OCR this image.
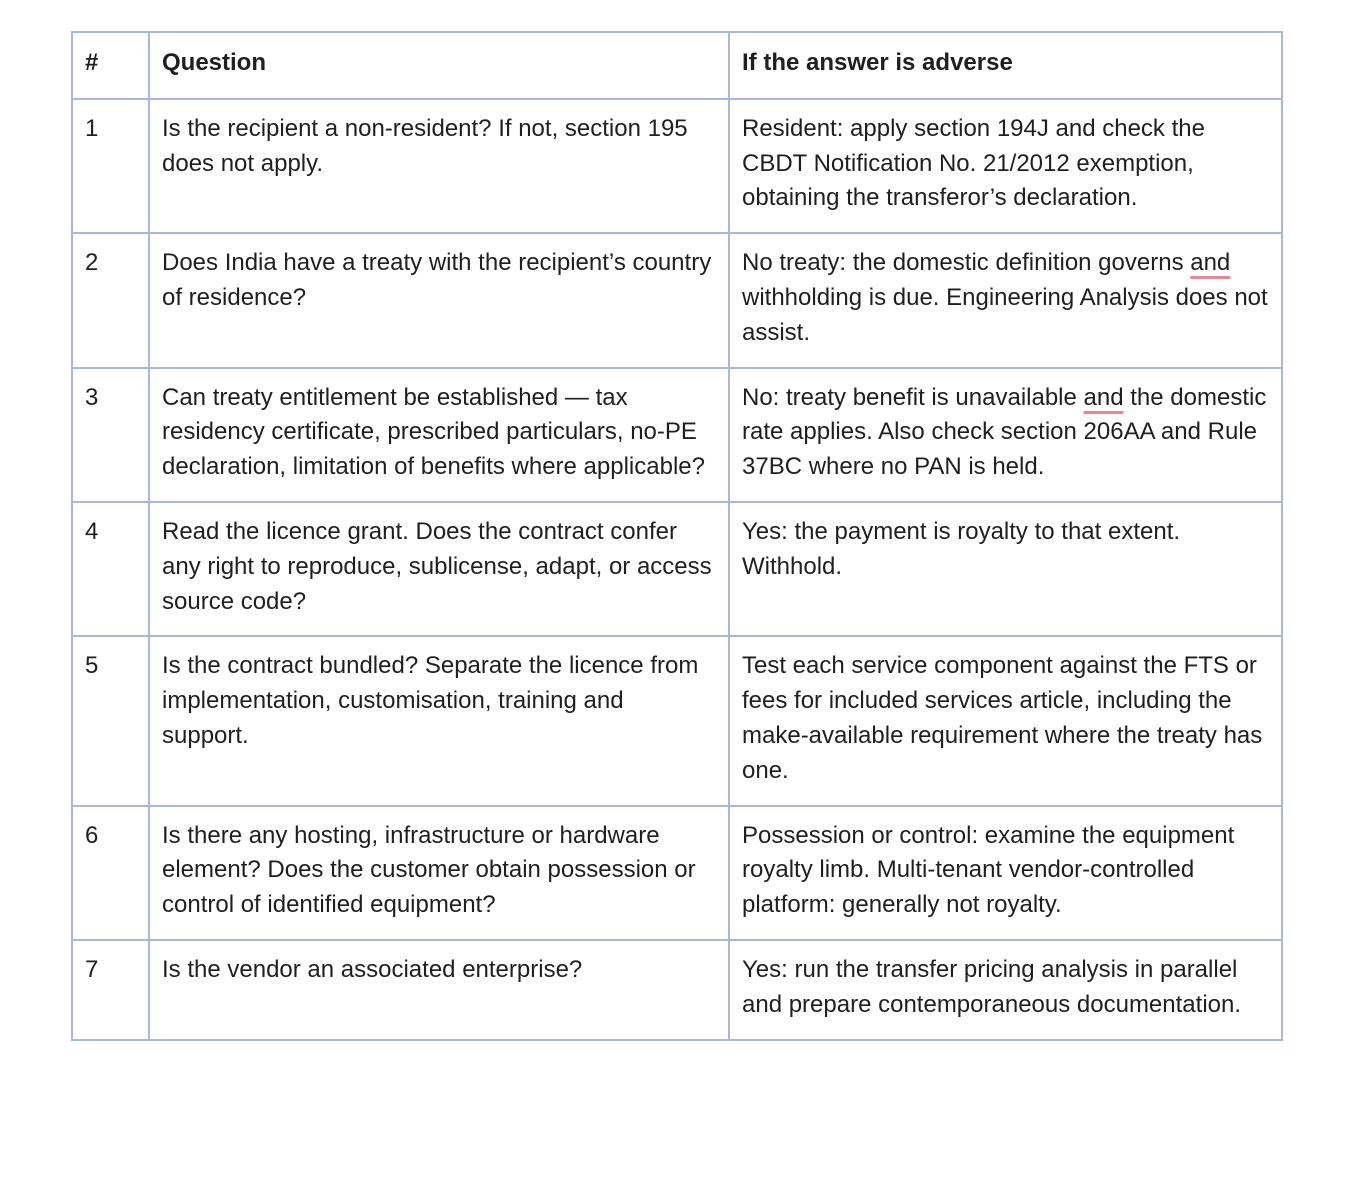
#	Question	If the answer is adverse
1	Is the recipient a non-resident? If not, section 195 does not apply.	Resident: apply section 194J and check the CBDT Notification No. 21/2012 exemption, obtaining the transferor’s declaration.
2	Does India have a treaty with the recipient’s country of residence?	No treaty: the domestic definition governs and withholding is due. Engineering Analysis does not assist.
3	Can treaty entitlement be established — tax residency certificate, prescribed particulars, no-PE declaration, limitation of benefits where applicable?	No: treaty benefit is unavailable and the domestic rate applies. Also check section 206AA and Rule 37BC where no PAN is held.
4	Read the licence grant. Does the contract confer any right to reproduce, sublicense, adapt, or access source code?	Yes: the payment is royalty to that extent. Withhold.
5	Is the contract bundled? Separate the licence from implementation, customisation, training and support.	Test each service component against the FTS or fees for included services article, including the make-available requirement where the treaty has one.
6	Is there any hosting, infrastructure or hardware element? Does the customer obtain possession or control of identified equipment?	Possession or control: examine the equipment royalty limb. Multi-tenant vendor-controlled platform: generally not royalty.
7	Is the vendor an associated enterprise?	Yes: run the transfer pricing analysis in parallel and prepare contemporaneous documentation.
